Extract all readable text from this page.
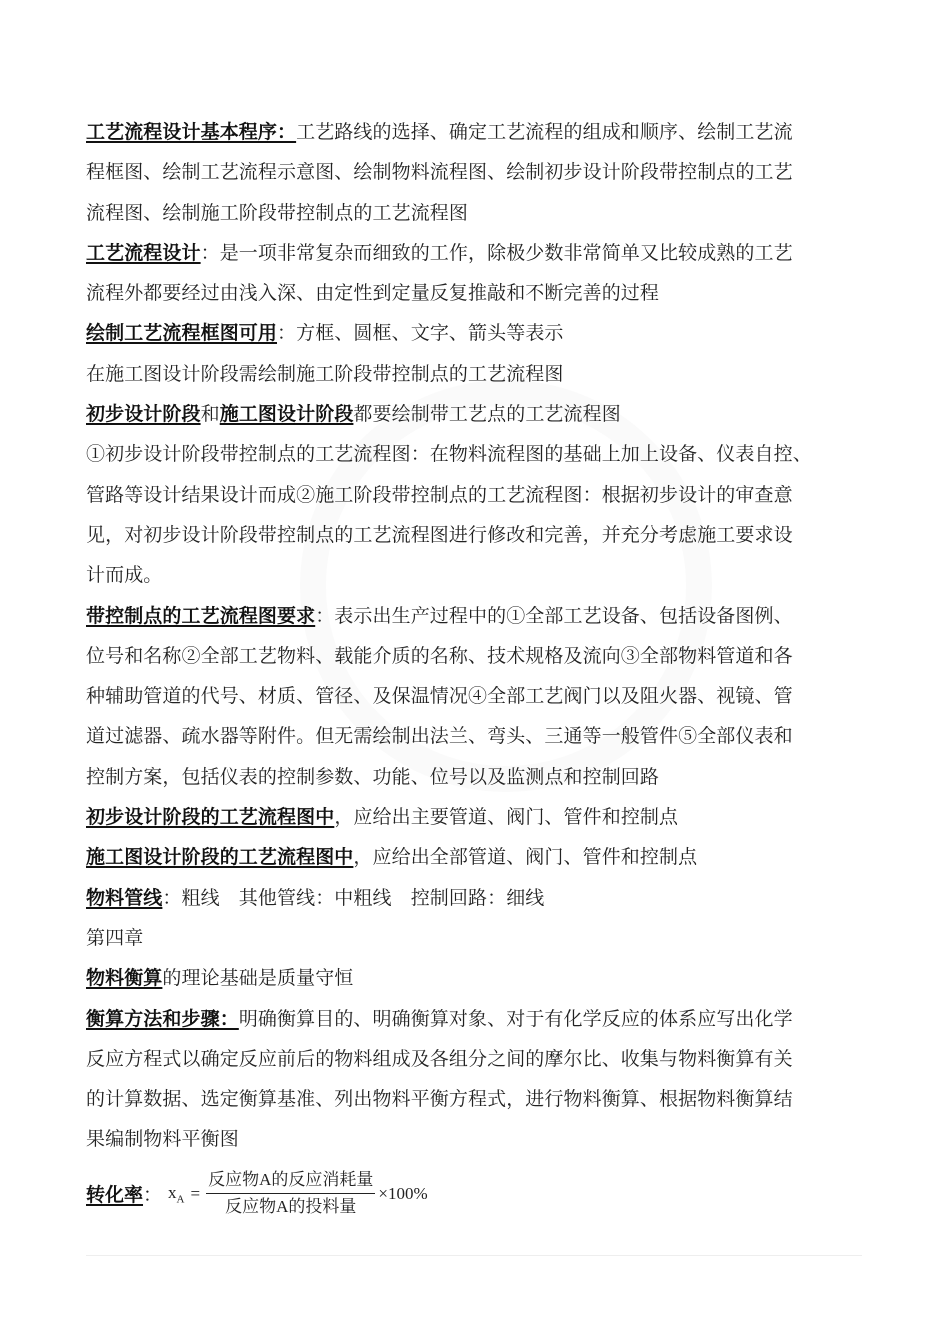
工艺流程设计基本程序：工艺路线的选择、确定工艺流程的组成和顺序、绘制工艺流
程框图、绘制工艺流程示意图、绘制物料流程图、绘制初步设计阶段带控制点的工艺
流程图、绘制施工阶段带控制点的工艺流程图
工艺流程设计：是一项非常复杂而细致的工作，除极少数非常简单又比较成熟的工艺
流程外都要经过由浅入深、由定性到定量反复推敲和不断完善的过程
绘制工艺流程框图可用：方框、圆框、文字、箭头等表示
在施工图设计阶段需绘制施工阶段带控制点的工艺流程图
初步设计阶段和施工图设计阶段都要绘制带工艺点的工艺流程图
①初步设计阶段带控制点的工艺流程图：在物料流程图的基础上加上设备、仪表自控、
管路等设计结果设计而成②施工阶段带控制点的工艺流程图：根据初步设计的审查意
见，对初步设计阶段带控制点的工艺流程图进行修改和完善，并充分考虑施工要求设
计而成。
带控制点的工艺流程图要求：表示出生产过程中的①全部工艺设备、包括设备图例、
位号和名称②全部工艺物料、载能介质的名称、技术规格及流向③全部物料管道和各
种辅助管道的代号、材质、管径、及保温情况④全部工艺阀门以及阻火器、视镜、管
道过滤器、疏水器等附件。但无需绘制出法兰、弯头、三通等一般管件⑤全部仪表和
控制方案，包括仪表的控制参数、功能、位号以及监测点和控制回路
初步设计阶段的工艺流程图中，应给出主要管道、阀门、管件和控制点
施工图设计阶段的工艺流程图中，应给出全部管道、阀门、管件和控制点
物料管线：粗线　其他管线：中粗线　控制回路：细线
第四章
物料衡算的理论基础是质量守恒
衡算方法和步骤：明确衡算目的、明确衡算对象、对于有化学反应的体系应写出化学
反应方程式以确定反应前后的物料组成及各组分之间的摩尔比、收集与物料衡算有关
的计算数据、选定衡算基准、列出物料平衡方程式，进行物料衡算、根据物料衡算结
果编制物料平衡图
转化率 ： $x_A = \frac{\text{反应物A的反应消耗量}}{\text{反应物A的投料量}} \times 100\%$
